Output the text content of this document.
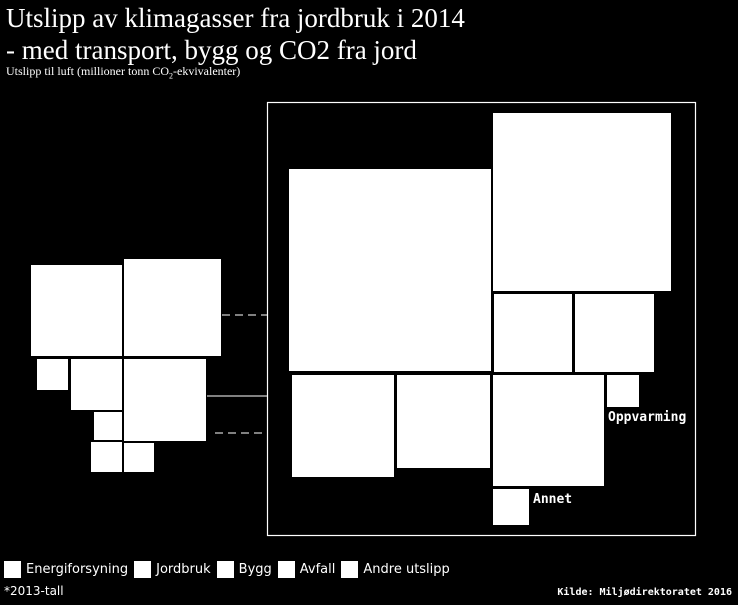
Utslipp av klimagasser fra jordbruk i 2014
- med transport, bygg og CO2 fra jord
Utslipp til luft (millioner tonn $CO_2-ekvivalenter$)
Oppvarming
Annet
Energiforsyning Jordbruk Bygg Avfall Andre utslipp
*2013-tall	Kilde: Miljødirektoratet 2016
